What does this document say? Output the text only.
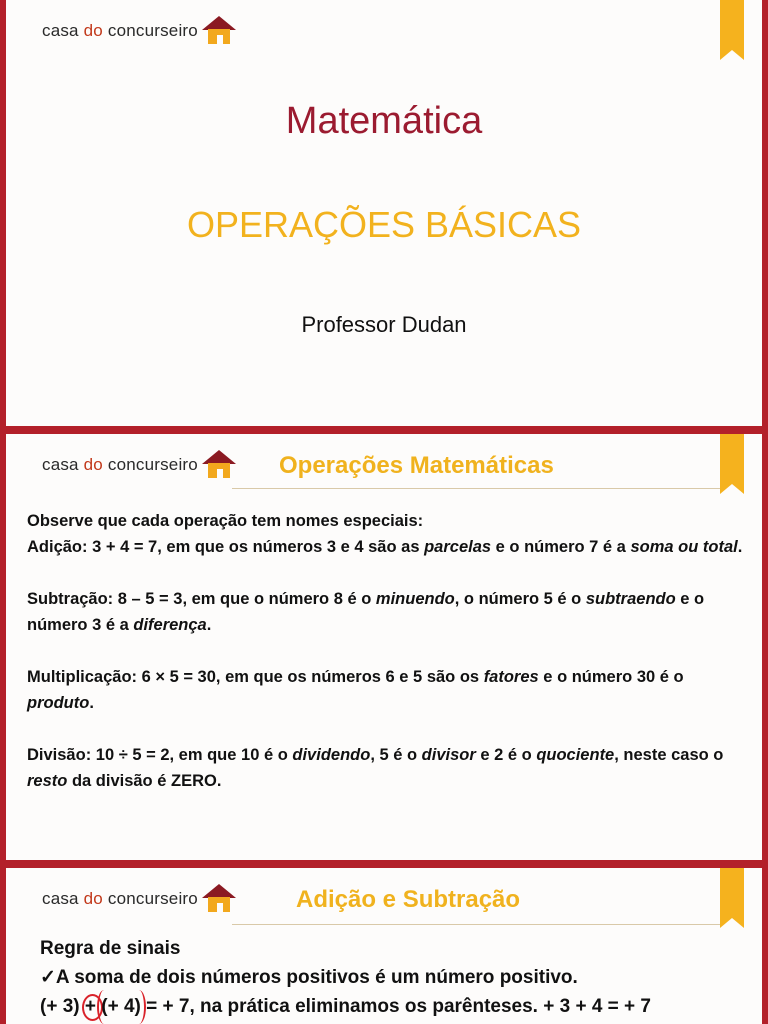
casa do concurseiro
Matemática
OPERAÇÕES BÁSICAS
Professor Dudan
casa do concurseiro	Operações Matemáticas

Observe que cada operação tem nomes especiais:

Adição: 3 + 4 = 7, em que os números 3 e 4 são as parcelas e o número 7 é a soma ou total.

Subtração: 8 – 5 = 3, em que o número 8 é o minuendo, o número 5 é o subtraendo e o número 3 é a diferença.

Multiplicação: 6 × 5 = 30, em que os números 6 e 5 são os fatores e o número 30 é o produto.

Divisão: 10 ÷ 5 = 2, em que 10 é o dividendo, 5 é o divisor e 2 é o quociente, neste caso o resto da divisão é ZERO.

casa do concurseiro	Adição e Subtração

Regra de sinais

✓A soma de dois números positivos é um número positivo.

(+ 3)
+ (+ 4)
= + 7, na prática eliminamos os parênteses. + 3 + 4 = + 7
